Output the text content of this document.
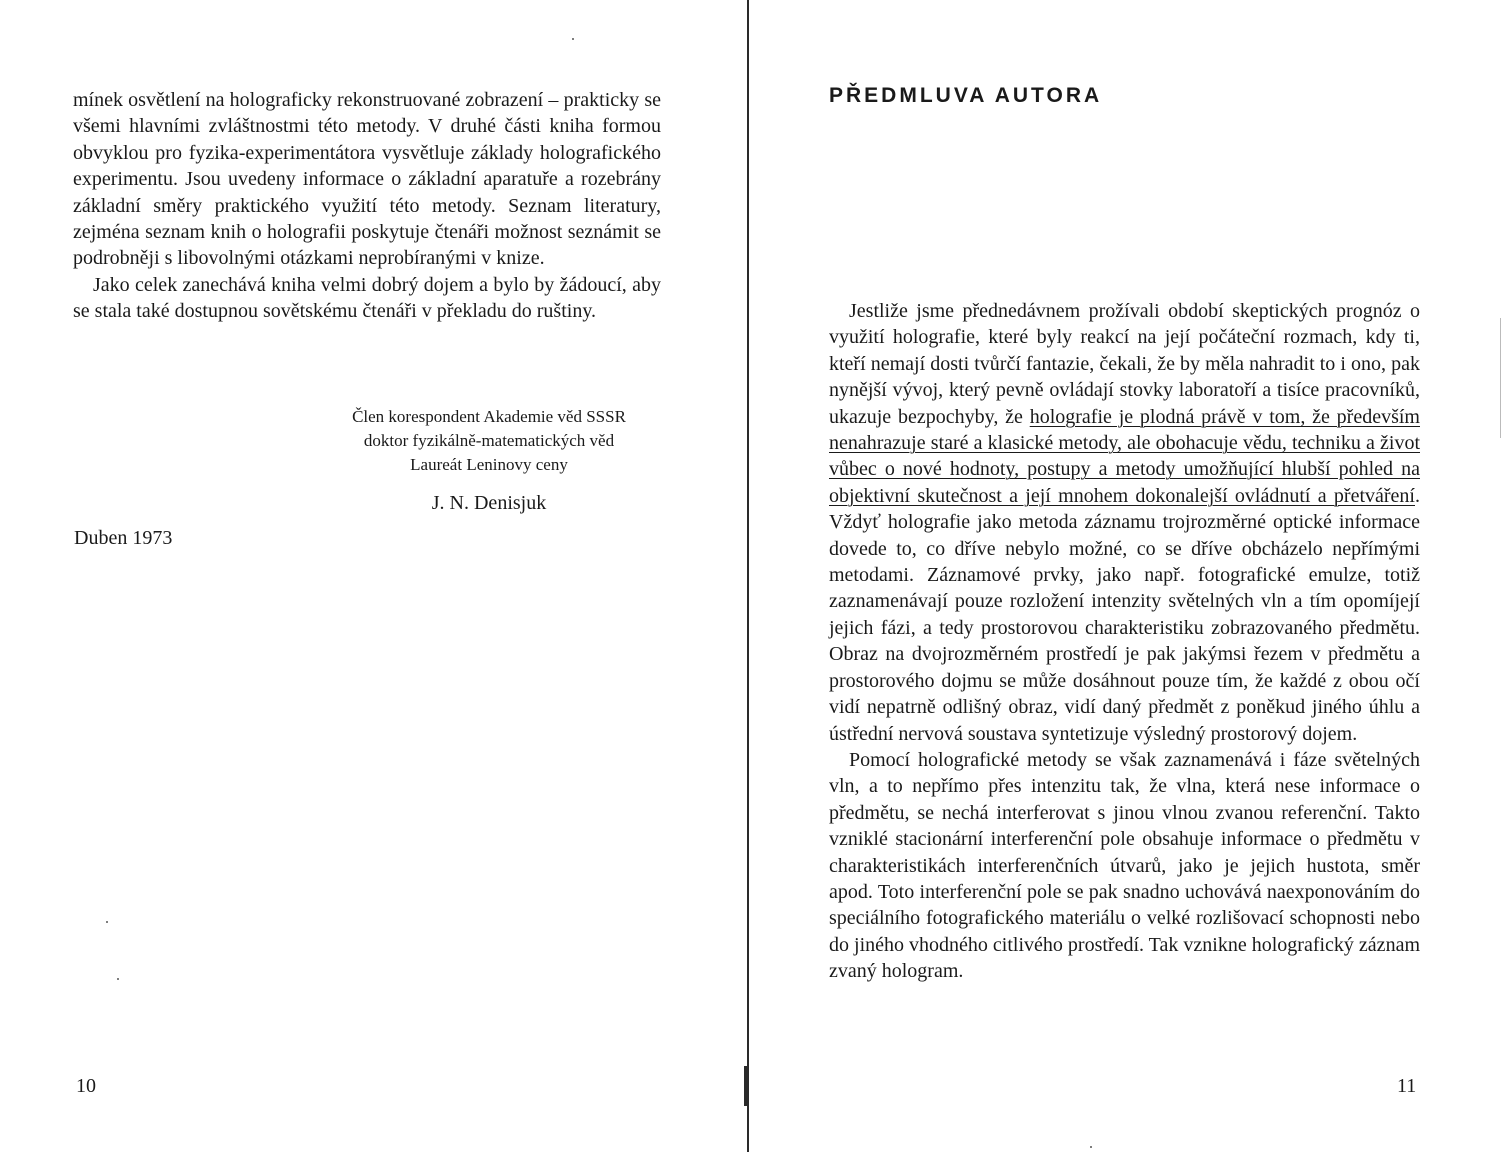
mínek osvětlení na holograficky rekonstruované zobrazení – prakticky se všemi hlavními zvláštnostmi této metody. V druhé části kniha formou obvyklou pro fyzika-experimentátora vysvětluje základy holografického experimentu. Jsou uvedeny informace o základní aparatuře a rozebrány základní směry praktického využití této metody. Seznam literatury, zejména seznam knih o holografii poskytuje čtenáři možnost seznámit se podrobněji s libovolnými otázkami neprobíranými v knize.

Jako celek zanechává kniha velmi dobrý dojem a bylo by žádoucí, aby se stala také dostupnou sovětskému čtenáři v překladu do ruštiny.

Člen korespondent Akademie věd SSSR
doktor fyzikálně-matematických věd
Laureát Leninovy ceny
J. N. Denisjuk
Duben 1973
10
PŘEDMLUVA AUTORA

Jestliže jsme přednedávnem prožívali období skeptických prognóz o využití holografie, které byly reakcí na její počáteční rozmach, kdy ti, kteří nemají dosti tvůrčí fantazie, čekali, že by měla nahradit to i ono, pak nynější vývoj, který pevně ovládají stovky laboratoří a tisíce pracovníků, ukazuje bezpochyby, že holografie je plodná právě v tom, že především nenahrazuje staré a klasické metody, ale obohacuje vědu, techniku a život vůbec o nové hodnoty, postupy a metody umožňující hlubší pohled na objektivní skutečnost a její mnohem dokonalejší ovládnutí a přetváření. Vždyť holografie jako metoda záznamu trojrozměrné optické informace dovede to, co dříve nebylo možné, co se dříve obcházelo nepřímými metodami. Záznamové prvky, jako např. fotografické emulze, totiž zaznamenávají pouze rozložení intenzity světelných vln a tím opomíjejí jejich fázi, a tedy prostorovou charakteristiku zobrazovaného předmětu. Obraz na dvojrozměrném prostředí je pak jakýmsi řezem v předmětu a prostorového dojmu se může dosáhnout pouze tím, že každé z obou očí vidí nepatrně odlišný obraz, vidí daný předmět z poněkud jiného úhlu a ústřední nervová soustava syntetizuje výsledný prostorový dojem.

Pomocí holografické metody se však zaznamenává i fáze světelných vln, a to nepřímo přes intenzitu tak, že vlna, která nese informace o předmětu, se nechá interferovat s jinou vlnou zvanou referenční. Takto vzniklé stacionární interferenční pole obsahuje informace o předmětu v charakteristikách interferenčních útvarů, jako je jejich hustota, směr apod. Toto interferenční pole se pak snadno uchovává naexponováním do speciálního fotografického materiálu o velké rozlišovací schopnosti nebo do jiného vhodného citlivého prostředí. Tak vznikne holografický záznam zvaný hologram.

11
